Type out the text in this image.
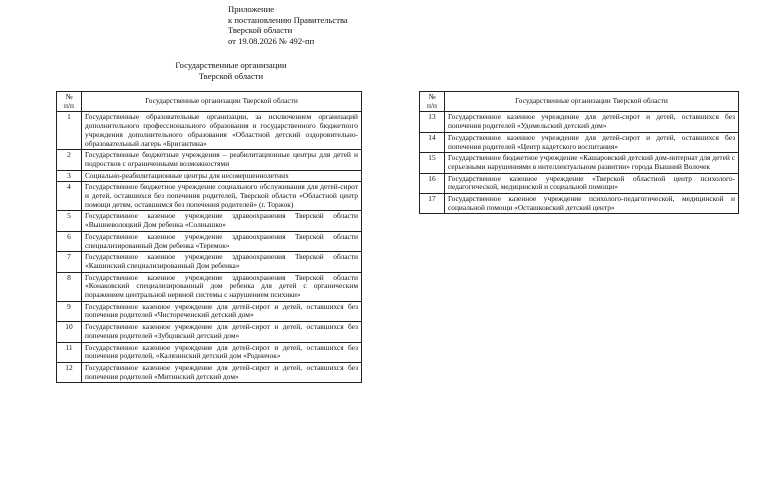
Приложение
к постановлению Правительства
Тверской области
от 19.08.2026 № 492-пп
Государственные организации
Тверской области
№
п/п	Государственные организации Тверской области
1	Государственные образовательные организации, за исключением организаций дополнительного профессионального образования и государственного бюджетного учреждения дополнительного образования «Областной детский оздоровительно-образовательный лагерь «Бригантина»
2	Государственные бюджетные учреждения – реабилитационные центры для детей и подростков с ограниченными возможностями
3	Социально-реабилитационные центры для несовершеннолетних
4	Государственное бюджетное учреждение социального обслуживания для детей-сирот и детей, оставшихся без попечения родителей, Тверской области «Областной центр помощи детям, оставшимся без попечения родителей» (г. Торжок)
5	Государственное казенное учреждение здравоохранения Тверской области «Вышневолоцкий Дом ребенка «Солнышко»
6	Государственное казенное учреждение здравоохранения Тверской области специализированный Дом ребенка «Теремок»
7	Государственное казенное учреждение здравоохранения Тверской области «Кашинский специализированный Дом ребенка»
8	Государственное казенное учреждение здравоохранения Тверской области «Конаковский специализированный дом ребенка для детей с органическим поражением центральной нервной системы с нарушением психики»
9	Государственное казенное учреждение для детей-сирот и детей, оставшихся без попечения родителей «Чистореченский детский дом»
10	Государственное казенное учреждение для детей-сирот и детей, оставшихся без попечения родителей «Зубцовский детский дом»
11	Государственное казенное учреждение для детей-сирот и детей, оставшихся без попечения родителей, «Калязинский детский дом «Родничок»
12	Государственное казенное учреждение для детей-сирот и детей, оставшихся без попечения родителей «Митинский детский дом»
№
п/п	Государственные организации Тверской области
13	Государственное казенное учреждение для детей-сирот и детей, оставшихся без попечения родителей «Удомельский детский дом»
14	Государственное казенное учреждение для детей-сирот и детей, оставшихся без попечения родителей «Центр кадетского воспитания»
15	Государственное бюджетное учреждение «Кашаровский детский дом-интернат для детей с серьезными нарушениями в интеллектуальном развитии» города Вышний Волочек
16	Государственное казенное учреждение «Тверской областной центр психолого-педагогической, медицинской и социальной помощи»
17	Государственное казенное учреждение психолого-педагогической, медицинской и социальной помощи «Осташковский детский центр»
